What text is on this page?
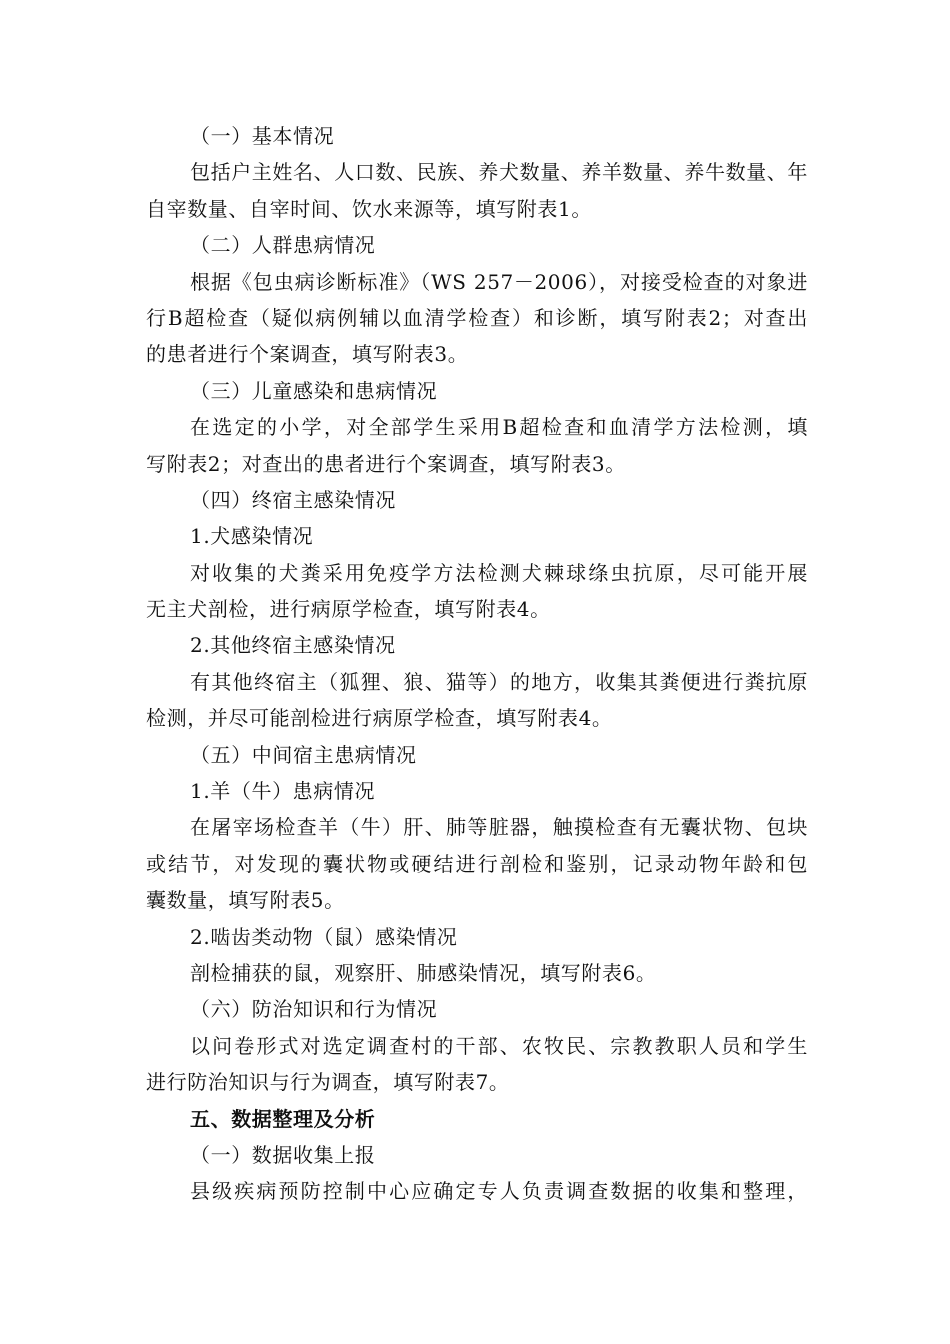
（一）基本情况
包括户主姓名、人口数、民族、养犬数量、养羊数量、养牛数量、年
自宰数量、自宰时间、饮水来源等，填写附表1。
（二）人群患病情况
根据《包虫病诊断标准》（WS 257－2006），对接受检查的对象进
行B超检查（疑似病例辅以血清学检查）和诊断，填写附表2；对查出
的患者进行个案调查，填写附表3。
（三）儿童感染和患病情况
在选定的小学，对全部学生采用B超检查和血清学方法检测，填
写附表2；对查出的患者进行个案调查，填写附表3。
（四）终宿主感染情况
1.犬感染情况
对收集的犬粪采用免疫学方法检测犬棘球绦虫抗原，尽可能开展
无主犬剖检，进行病原学检查，填写附表4。
2.其他终宿主感染情况
有其他终宿主（狐狸、狼、猫等）的地方，收集其粪便进行粪抗原
检测，并尽可能剖检进行病原学检查，填写附表4。
（五）中间宿主患病情况
1.羊（牛）患病情况
在屠宰场检查羊（牛）肝、肺等脏器，触摸检查有无囊状物、包块
或结节，对发现的囊状物或硬结进行剖检和鉴别，记录动物年龄和包
囊数量，填写附表5。
2.啮齿类动物（鼠）感染情况
剖检捕获的鼠，观察肝、肺感染情况，填写附表6。
（六）防治知识和行为情况
以问卷形式对选定调查村的干部、农牧民、宗教教职人员和学生
进行防治知识与行为调查，填写附表7。
五、数据整理及分析
（一）数据收集上报
县级疾病预防控制中心应确定专人负责调查数据的收集和整理，
